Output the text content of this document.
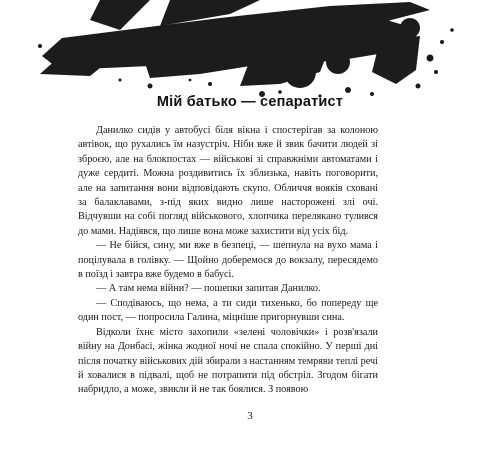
Мій батько — сепаратист

Данилко сидів у автобусі біля вікна і спостерігав за колоною автівок, що рухались їм назустріч. Ніби вже й звик бачити людей зі зброєю, але на блокпостах — військові зі справжніми автоматами і дуже сердиті. Можна роздивитись їх зблизька, навіть поговорити, але на запитання вони відповідають скупо. Обличчя вояків сховані за балаклавами, з-під яких видно лише насторожені злі очі. Відчувши на собі погляд військового, хлопчика перелякано тулився до мами. Надіявся, що лише вона може захистити від усіх бід.

— Не бійся, сину, ми вже в безпеці, — шепнула на вухо мама і поцілувала в голівку. — Щойно доберемося до вокзалу, пересядемо в поїзд і завтра вже будемо в бабусі.

— А там нема війни? — пошепки запитав Данилко.

— Сподіваюсь, що нема, а ти сиди тихенько, бо попереду ще один пост, — попросила Галина, міцніше пригорнувши сина.

Відколи їхнє місто захопили «зелені чоловічки» і розв'язали війну на Донбасі, жінка жодної ночі не спала спокійно. У перші дні після початку військових дій збирали з настанням темряви теплі речі й ховалися в підвалі, щоб не потрапити під обстріл. Згодом бігати набридло, а може, звикли й не так боялися. З появою

3
